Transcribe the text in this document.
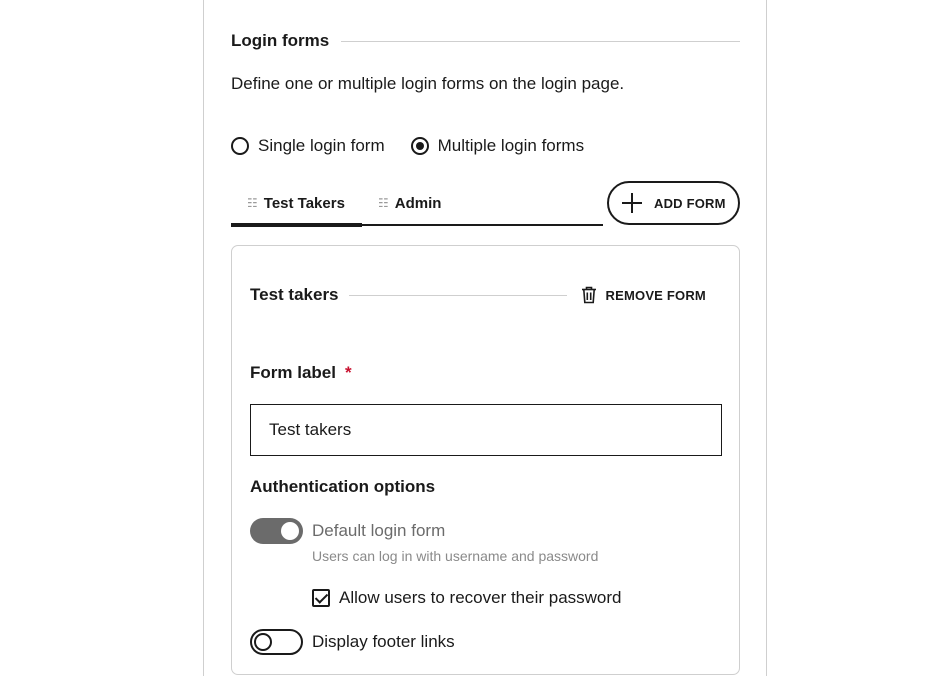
Login forms

Define one or multiple login forms on the login page.

Single login form	Multiple login forms
☷ Test Takers	☷ Admin	ADD FORM
Test takers	REMOVE FORM
Form label *
Test takers
Authentication options
Default login form
Users can log in with username and password
Allow users to recover their password
Display footer links
